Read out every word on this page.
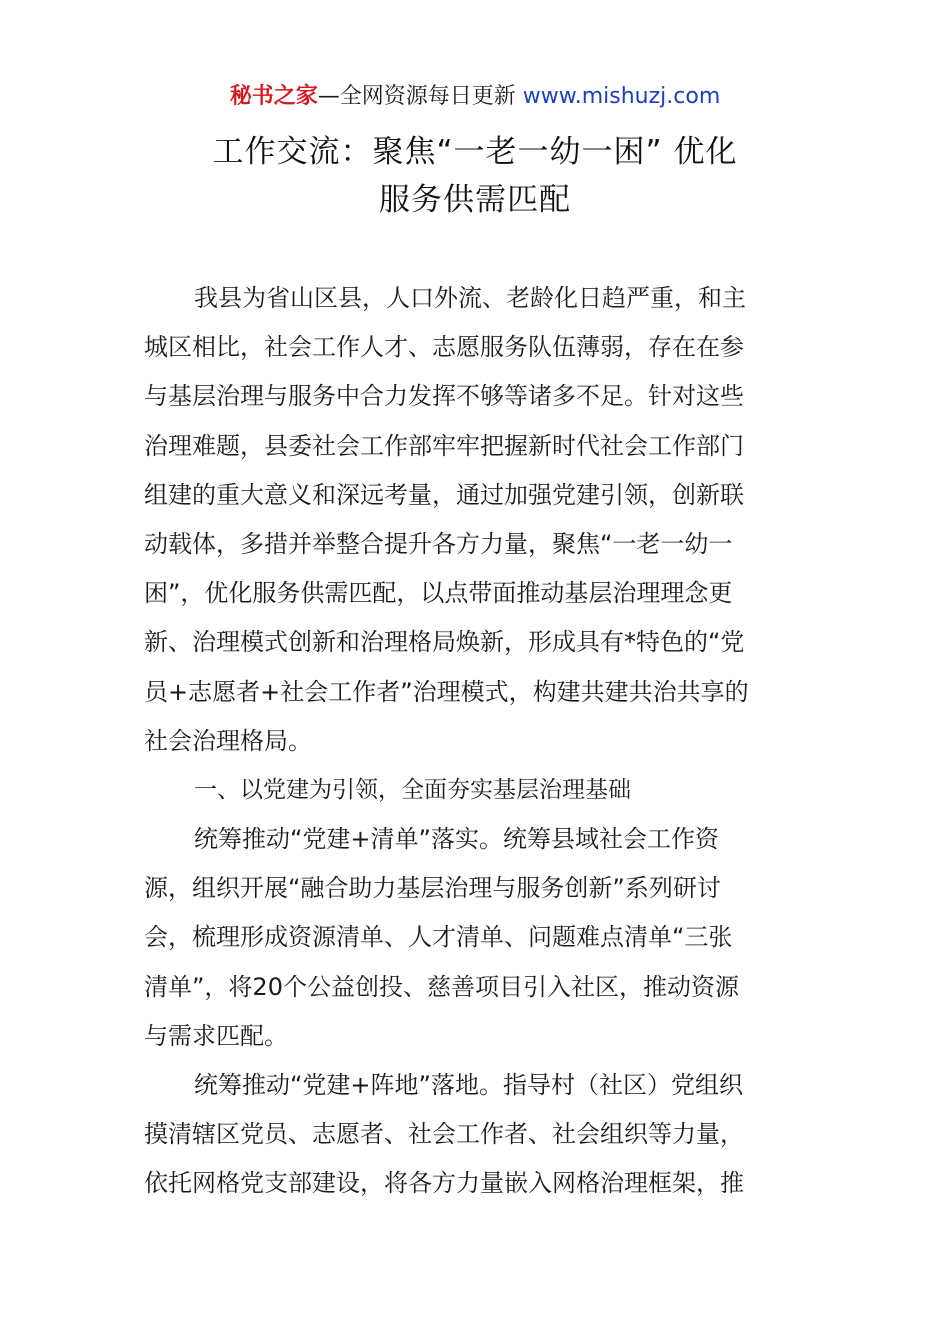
秘书之家—全网资源每日更新 www.mishuzj.com
工作交流：聚焦“一老一幼一困” 优化
服务供需匹配
我县为省山区县，人口外流、老龄化日趋严重，和主
城区相比，社会工作人才、志愿服务队伍薄弱，存在在参
与基层治理与服务中合力发挥不够等诸多不足。针对这些
治理难题，县委社会工作部牢牢把握新时代社会工作部门
组建的重大意义和深远考量，通过加强党建引领，创新联
动载体，多措并举整合提升各方力量，聚焦“一老一幼一
困”，优化服务供需匹配，以点带面推动基层治理理念更
新、治理模式创新和治理格局焕新，形成具有*特色的“党
员+志愿者+社会工作者”治理模式，构建共建共治共享的
社会治理格局。
一、以党建为引领，全面夯实基层治理基础
统筹推动“党建+清单”落实。统筹县域社会工作资
源，组织开展“融合助力基层治理与服务创新”系列研讨
会，梳理形成资源清单、人才清单、问题难点清单“三张
清单”，将20个公益创投、慈善项目引入社区，推动资源
与需求匹配。
统筹推动“党建+阵地”落地。指导村（社区）党组织
摸清辖区党员、志愿者、社会工作者、社会组织等力量，
依托网格党支部建设，将各方力量嵌入网格治理框架，推
